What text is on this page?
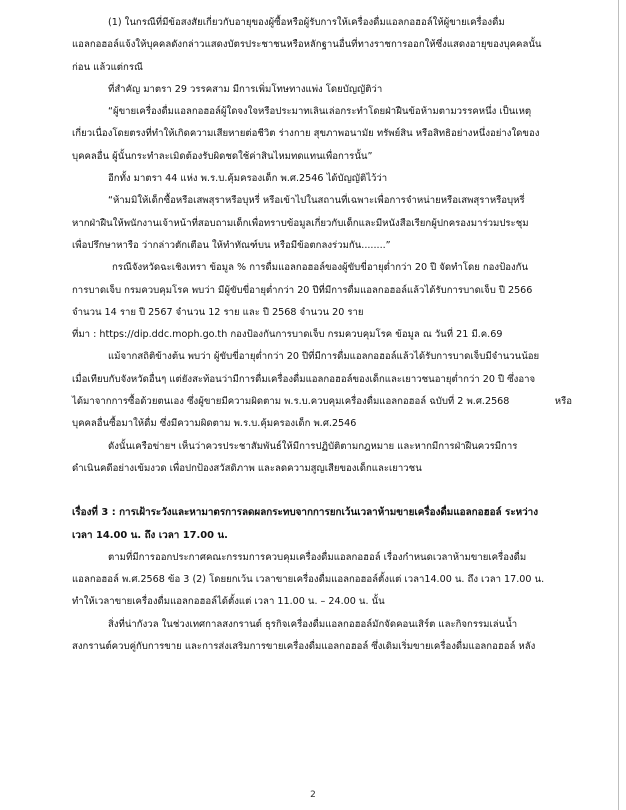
(1) ในกรณีที่มีข้อสงสัยเกี่ยวกับอายุของผู้ซื้อหรือผู้รับการให้เครื่องดื่มแอลกอฮอล์ให้ผู้ขายเครื่องดื่ม
แอลกอฮอล์แจ้งให้บุคคลดังกล่าวแสดงบัตรประชาชนหรือหลักฐานอื่นที่ทางราชการออกให้ซึ่งแสดงอายุของบุคคลนั้น
ก่อน แล้วแต่กรณี
ที่สำคัญ มาตรา 29 วรรคสาม มีการเพิ่มโทษทางแพ่ง โดยบัญญัติว่า
“ผู้ขายเครื่องดื่มแอลกอฮอล์ผู้ใดจงใจหรือประมาทเลินเล่อกระทำโดยฝ่าฝืนข้อห้ามตามวรรคหนึ่ง เป็นเหตุ
เกี่ยวเนื่องโดยตรงที่ทำให้เกิดความเสียหายต่อชีวิต ร่างกาย สุขภาพอนามัย ทรัพย์สิน หรือสิทธิอย่างหนึ่งอย่างใดของ
บุคคลอื่น ผู้นั้นกระทำละเมิดต้องรับผิดชดใช้ค่าสินไหมทดแทนเพื่อการนั้น”
อีกทั้ง มาตรา 44 แห่ง พ.ร.บ.คุ้มครองเด็ก พ.ศ.2546 ได้บัญญัติไว้ว่า
“ห้ามมิให้เด็กซื้อหรือเสพสุราหรือบุหรี่ หรือเข้าไปในสถานที่เฉพาะเพื่อการจำหน่ายหรือเสพสุราหรือบุหรี่
หากฝ่าฝืนให้พนักงานเจ้าหน้าที่สอบถามเด็กเพื่อทราบข้อมูลเกี่ยวกับเด็กและมีหนังสือเรียกผู้ปกครองมาร่วมประชุม
เพื่อปรึกษาหารือ ว่ากล่าวตักเตือน ให้ทำทัณฑ์บน หรือมีข้อตกลงร่วมกัน........”
กรณีจังหวัดฉะเชิงเทรา ข้อมูล % การดื่มแอลกอฮอล์ของผู้ขับขี่อายุต่ำกว่า 20 ปี จัดทำโดย กองป้องกัน
การบาดเจ็บ กรมควบคุมโรค พบว่า มีผู้ขับขี่อายุต่ำกว่า 20 ปีที่มีการดื่มแอลกอฮอล์แล้วได้รับการบาดเจ็บ ปี 2566
จำนวน 14 ราย ปี 2567 จำนวน 12 ราย และ ปี 2568 จำนวน 20 ราย
ที่มา : https://dip.ddc.moph.go.th กองป้องกันการบาดเจ็บ กรมควบคุมโรค ข้อมูล ณ วันที่ 21 มี.ค.69
แม้จากสถิติข้างต้น พบว่า ผู้ขับขี่อายุต่ำกว่า 20 ปีที่มีการดื่มแอลกอฮอล์แล้วได้รับการบาดเจ็บมีจำนวนน้อย
เมื่อเทียบกับจังหวัดอื่นๆ แต่ยังสะท้อนว่ามีการดื่มเครื่องดื่มแอลกอฮอล์ของเด็กและเยาวชนอายุต่ำกว่า 20 ปี ซึ่งอาจ
ได้มาจากการซื้อด้วยตนเอง ซึ่งผู้ขายมีความผิดตาม พ.ร.บ.ควบคุมเครื่องดื่มแอลกอฮอล์ ฉบับที่ 2 พ.ศ.2568	หรือ
บุคคลอื่นซื้อมาให้ดื่ม ซึ่งมีความผิดตาม พ.ร.บ.คุ้มครองเด็ก พ.ศ.2546
ดังนั้นเครือข่ายฯ เห็นว่าควรประชาสัมพันธ์ให้มีการปฏิบัติตามกฎหมาย และหากมีการฝ่าฝืนควรมีการ
ดำเนินคดีอย่างเข้มงวด เพื่อปกป้องสวัสดิภาพ และลดความสูญเสียของเด็กและเยาวชน
เรื่องที่ 3 : การเฝ้าระวังและหามาตรการลดผลกระทบจากการยกเว้นเวลาห้ามขายเครื่องดื่มแอลกอฮอล์ ระหว่าง
เวลา 14.00 น. ถึง เวลา 17.00 น.
ตามที่มีการออกประกาศคณะกรรมการควบคุมเครื่องดื่มแอลกอฮอล์ เรื่องกำหนดเวลาห้ามขายเครื่องดื่ม
แอลกอฮอล์ พ.ศ.2568 ข้อ 3 (2) โดยยกเว้น เวลาขายเครื่องดื่มแอลกอฮอล์ตั้งแต่ เวลา14.00 น. ถึง เวลา 17.00 น.
ทำให้เวลาขายเครื่องดื่มแอลกอฮอล์ได้ตั้งแต่ เวลา 11.00 น. – 24.00 น. นั้น
สิ่งที่น่ากังวล ในช่วงเทศกาลสงกรานต์ ธุรกิจเครื่องดื่มแอลกอฮอล์มักจัดคอนเสิร์ต และกิจกรรมเล่นน้ำ
สงกรานต์ควบคู่กับการขาย และการส่งเสริมการขายเครื่องดื่มแอลกอฮอล์ ซึ่งเดิมเริ่มขายเครื่องดื่มแอลกอฮอล์ หลัง
2
